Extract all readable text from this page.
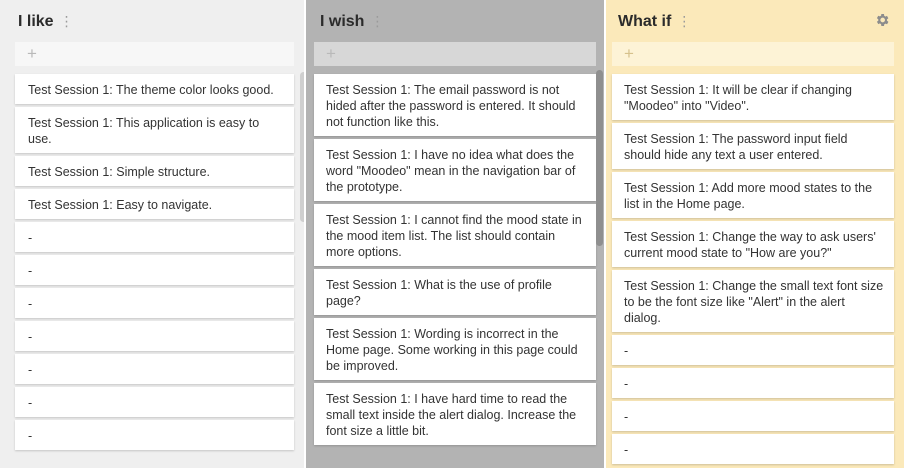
I like ⋮
+
Test Session 1: The theme color looks good.
Test Session 1: This application is easy to use.
Test Session 1: Simple structure.
Test Session 1: Easy to navigate.
-
-
-
-
-
-
-
I wish ⋮
+
Test Session 1: The email password is not hided after the password is entered. It should not function like this.
Test Session 1: I have no idea what does the word "Moodeo" mean in the navigation bar of the prototype.
Test Session 1: I cannot find the mood state in the mood item list. The list should contain more options.
Test Session 1: What is the use of profile page?
Test Session 1: Wording is incorrect in the Home page. Some working in this page could be improved.
Test Session 1: I have hard time to read the small text inside the alert dialog. Increase the font size a little bit.
What if ⋮
+
Test Session 1: It will be clear if changing "Moodeo" into "Video".
Test Session 1: The password input field should hide any text a user entered.
Test Session 1: Add more mood states to the list in the Home page.
Test Session 1: Change the way to ask users' current mood state to "How are you?"
Test Session 1: Change the small text font size to be the font size like "Alert" in the alert dialog.
-
-
-
-
